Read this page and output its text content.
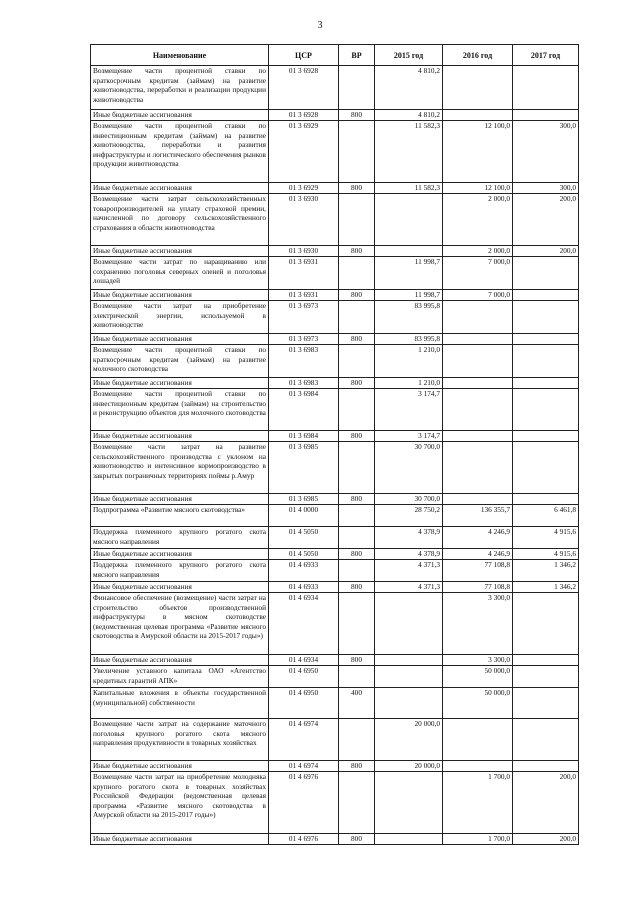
3
Наименование	ЦСР	ВР	2015 год	2016 год	2017 год
Возмещение части процентной ставки по краткосрочным кредитам (займам) на развитие животноводства, переработки и реализации продукции животноводства	01 3 6928		4 810,2		
Иные бюджетные ассигнования	01 3 6928	800	4 810,2		
Возмещение части процентной ставки по инвестиционным кредитам (займам) на развитие животноводства, переработки и развития инфраструктуры и логистического обеспечения рынков продукции животноводства	01 3 6929		11 582,3	12 100,0	300,0
Иные бюджетные ассигнования	01 3 6929	800	11 582,3	12 100,0	300,0
Возмещение части затрат сельскохозяйственных товаропроизводителей на уплату страховой премии, начисленной по договору сельскохозяйственного страхования в области животноводства	01 3 6930			2 000,0	200,0
Иные бюджетные ассигнования	01 3 6930	800		2 000,0	200,0
Возмещение части затрат по наращиванию или сохранению поголовья северных оленей и поголовья лошадей	01 3 6931		11 998,7	7 000,0	
Иные бюджетные ассигнования	01 3 6931	800	11 998,7	7 000,0	
Возмещение части затрат на приобретение электрической энергии, используемой в животноводстве	01 3 6973		83 995,8		
Иные бюджетные ассигнования	01 3 6973	800	83 995,8		
Возмещение части процентной ставки по краткосрочным кредитам (займам) на развитие молочного скотоводства	01 3 6983		1 210,0		
Иные бюджетные ассигнования	01 3 6983	800	1 210,0		
Возмещение части процентной ставки по инвестиционным кредитам (займам) на строительство и реконструкцию объектов для молочного скотоводства	01 3 6984		3 174,7		
Иные бюджетные ассигнования	01 3 6984	800	3 174,7		
Возмещение части затрат на развитие сельскохозяйственного производства с уклоном на животноводство и интенсивное кормопроизводство в закрытых пограничных территориях поймы р.Амур	01 3 6985		30 700,0		
Иные бюджетные ассигнования	01 3 6985	800	30 700,0		
Подпрограмма «Развитие мясного скотоводства»	01 4 0000		28 750,2	136 355,7	6 461,8
Поддержка племенного крупного рогатого скота мясного направления	01 4 5050		4 378,9	4 246,9	4 915,6
Иные бюджетные ассигнования	01 4 5050	800	4 378,9	4 246,9	4 915,6
Поддержка племенного крупного рогатого скота мясного направления	01 4 6933		4 371,3	77 108,8	1 346,2
Иные бюджетные ассигнования	01 4 6933	800	4 371,3	77 108,8	1 346,2
Финансовое обеспечение (возмещение) части затрат на строительство объектов производственной инфраструктуры в мясном скотоводстве (ведомственная целевая программа «Развитие мясного скотоводства в Амурской области на 2015-2017 годы»)	01 4 6934			3 300,0	
Иные бюджетные ассигнования	01 4 6934	800		3 300,0	
Увеличение уставного капитала ОАО «Агентство кредитных гарантий АПК»	01 4 6950			50 000,0	
Капитальные вложения в объекты государственной (муниципальной) собственности	01 4 6950	400		50 000,0	
Возмещение части затрат на содержание маточного поголовья крупного рогатого скота мясного направления продуктивности в товарных хозяйствах	01 4 6974		20 000,0		
Иные бюджетные ассигнования	01 4 6974	800	20 000,0		
Возмещение части затрат на приобретение молодняка крупного рогатого скота в товарных хозяйствах Российской Федерации (ведомственная целевая программа «Развитие мясного скотоводства в Амурской области на 2015-2017 годы»)	01 4 6976			1 700,0	200,0
Иные бюджетные ассигнования	01 4 6976	800		1 700,0	200,0
